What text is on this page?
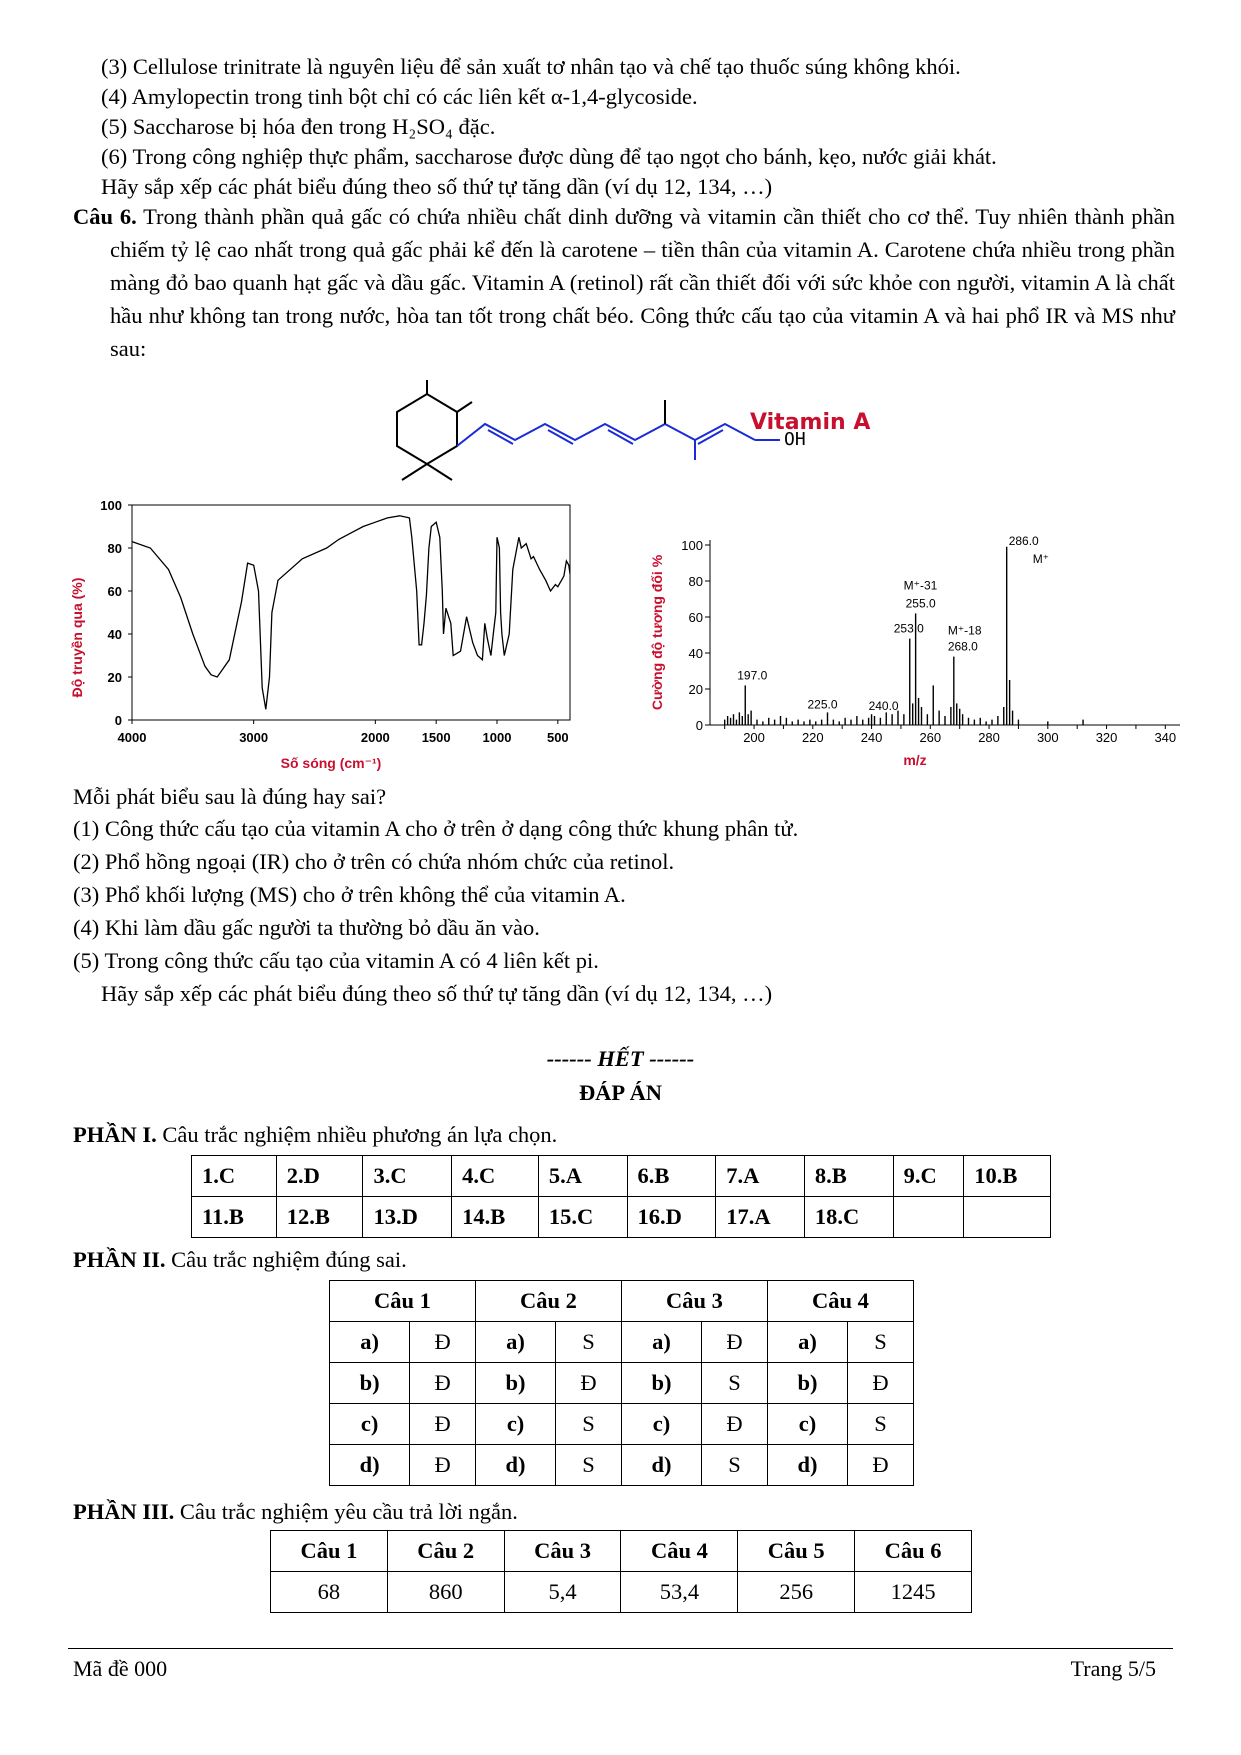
(3) Cellulose trinitrate là nguyên liệu để sản xuất tơ nhân tạo và chế tạo thuốc súng không khói.
(4) Amylopectin trong tinh bột chỉ có các liên kết α-1,4-glycoside.
(5) Saccharose bị hóa đen trong H₂SO₄ đặc.
(6) Trong công nghiệp thực phẩm, saccharose được dùng để tạo ngọt cho bánh, kẹo, nước giải khát.
Hãy sắp xếp các phát biểu đúng theo số thứ tự tăng dần (ví dụ 12, 134, …)
Câu 6. Trong thành phần quả gấc có chứa nhiều chất dinh dưỡng và vitamin cần thiết cho cơ thể. Tuy nhiên thành phần chiếm tỷ lệ cao nhất trong quả gấc phải kể đến là carotene – tiền thân của vitamin A. Carotene chứa nhiều trong phần màng đỏ bao quanh hạt gấc và dầu gấc. Vitamin A (retinol) rất cần thiết đối với sức khỏe con người, vitamin A là chất hầu như không tan trong nước, hòa tan tốt trong chất béo. Công thức cấu tạo của vitamin A và hai phổ IR và MS như sau:
OH
Vitamin A
0
20
40
60
80
100
4000	3000	2000 1500 1000	500
Số sóng (cm⁻¹)
Độ truyền qua (%)
0
20
40
60
80
100
200	220	240	260	280	300	320	340
197.0
225.0	240.0
253.0
255.0
M⁺-31
268.0
M⁺-18
286.0
M⁺
m/z
Cường độ tương đối %
Mỗi phát biểu sau là đúng hay sai?
(1) Công thức cấu tạo của vitamin A cho ở trên ở dạng công thức khung phân tử.
(2) Phổ hồng ngoại (IR) cho ở trên có chứa nhóm chức của retinol.
(3) Phổ khối lượng (MS) cho ở trên không thể của vitamin A.
(4) Khi làm dầu gấc người ta thường bỏ dầu ăn vào.
(5) Trong công thức cấu tạo của vitamin A có 4 liên kết pi.
Hãy sắp xếp các phát biểu đúng theo số thứ tự tăng dần (ví dụ 12, 134, …)
------ HẾT ------
ĐÁP ÁN
PHẦN I. Câu trắc nghiệm nhiều phương án lựa chọn.
1.C	2.D	3.C	4.C	5.A	6.B	7.A	8.B	9.C	10.B
11.B	12.B	13.D	14.B	15.C	16.D	17.A	18.C		
PHẦN II. Câu trắc nghiệm đúng sai.
Câu 1		Câu 2		Câu 3		Câu 4	
a)	Đ	a)	S	a)	Đ	a)	S
b)	Đ	b)	Đ	b)	S	b)	Đ
c)	Đ	c)	S	c)	Đ	c)	S
d)	Đ	d)	S	d)	S	d)	Đ
PHẦN III. Câu trắc nghiệm yêu cầu trả lời ngắn.
Câu 1	Câu 2	Câu 3	Câu 4	Câu 5	Câu 6
68	860	5,4	53,4	256	1245
Mã đề 000	Trang 5/5
